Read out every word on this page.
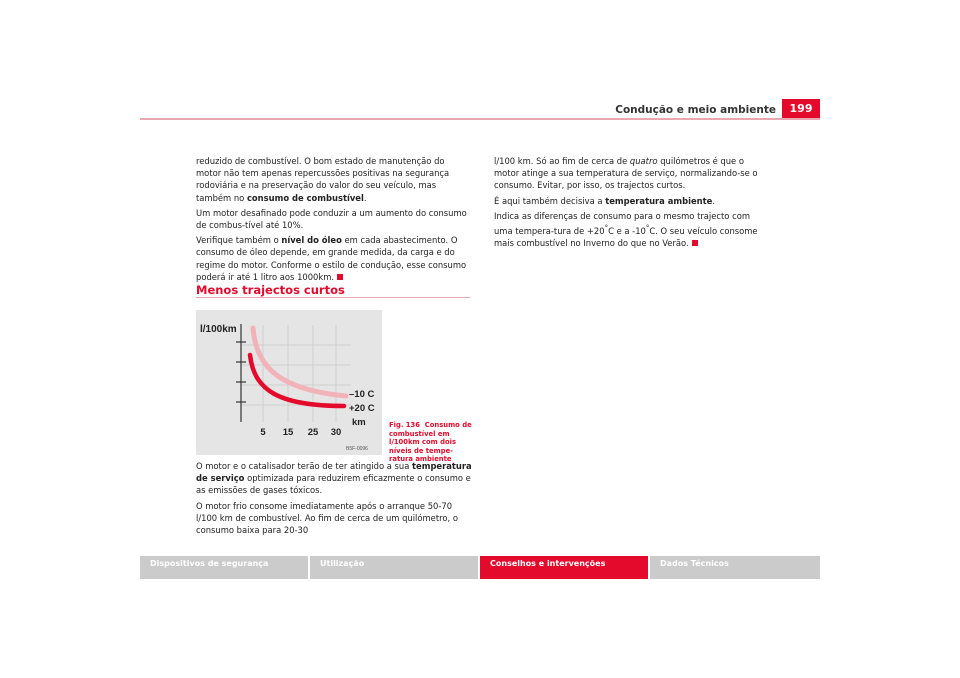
Condução e meio ambiente	199

reduzido de combustível. O bom estado de manutenção do motor não tem apenas repercussões positivas na segurança rodoviária e na preservação do valor do seu veículo, mas também no consumo de combustível.

Um motor desafinado pode conduzir a um aumento do consumo de combus-tível até 10%.

Verifique também o nível do óleo em cada abastecimento. O consumo de óleo depende, em grande medida, da carga e do regime do motor. Conforme o estilo de condução, esse consumo poderá ir até 1 litro aos 1000km.

Menos trajectos curtos
l/100km
–10 C
+20 C
km
5 15 25 30
B5F-0096
Fig. 136 Consumo de combustível em l/100km com dois níveis de tempe-ratura ambiente

O motor e o catalisador terão de ter atingido a sua temperatura de serviço optimizada para reduzirem eficazmente o consumo e as emissões de gases tóxicos.

O motor frio consome imediatamente após o arranque 50-70 l/100 km de combustível. Ao fim de cerca de um quilómetro, o consumo baixa para 20-30

l/100 km. Só ao fim de cerca de quatro quilómetros é que o motor atinge a sua temperatura de serviço, normalizando-se o consumo. Evitar, por isso, os trajectos curtos.

É aqui também decisiva a temperatura ambiente.

Indica as diferenças de consumo para o mesmo trajecto com uma tempera-tura de +20°C e a -10°C. O seu veículo consome mais combustível no Inverno do que no Verão.

Dispositivos de segurança	Utilização	Conselhos e intervenções	Dados Técnicos
